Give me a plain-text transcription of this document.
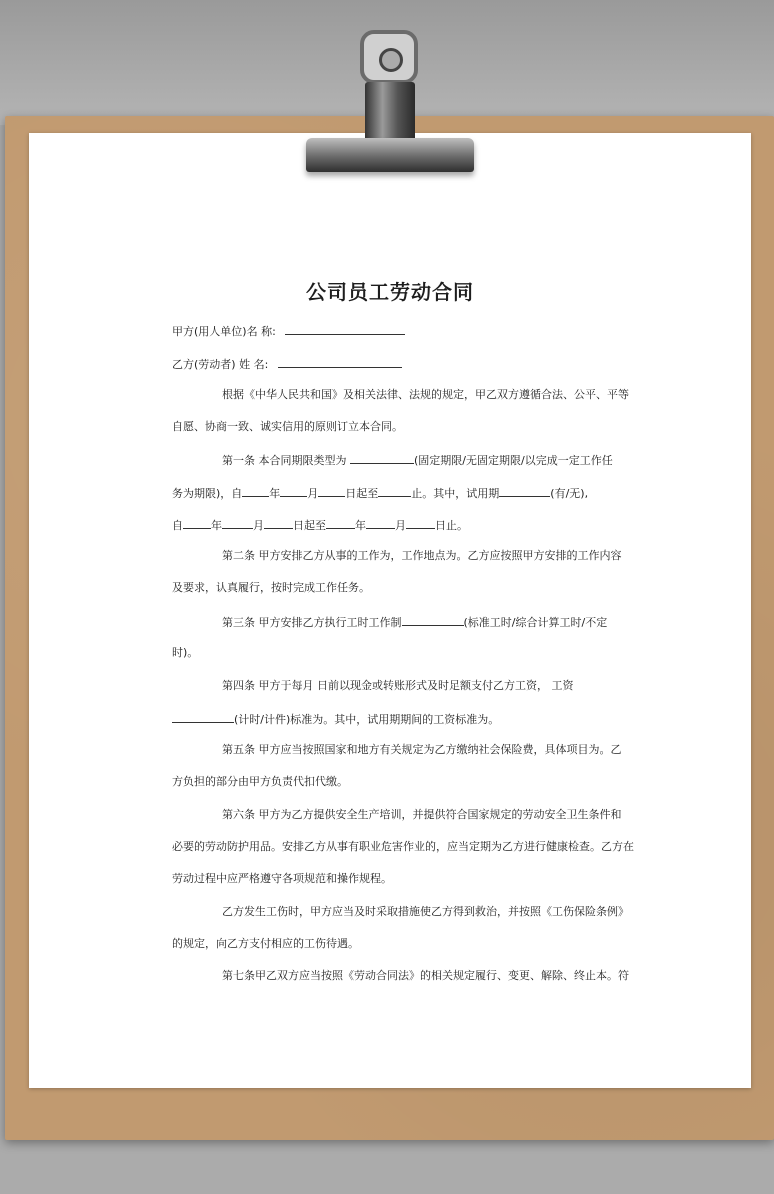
公司员工劳动合同
甲方(用人单位)名 称:
乙方(劳动者) 姓 名:
根据《中华人民共和国》及相关法律、法规的规定，甲乙双方遵循合法、公平、平等
自愿、协商一致、诚实信用的原则订立本合同。
第一条 本合同期限类型为	(固定期限/无固定期限/以完成一定工作任
务为期限)，自 年 月 日起至	止。其中，试用期	(有/无),
自	年	月	日起至	年	月	日止。
第二条 甲方安排乙方从事的工作为，工作地点为。乙方应按照甲方安排的工作内容
及要求，认真履行，按时完成工作任务。
第三条 甲方安排乙方执行工时工作制	(标准工时/综合计算工时/不定
时)。
第四条 甲方于每月 日前以现金或转账形式及时足额支付乙方工资， 工资
(计时/计件)标准为。其中，试用期期间的工资标准为。
第五条 甲方应当按照国家和地方有关规定为乙方缴纳社会保险费，具体项目为。乙
方负担的部分由甲方负责代扣代缴。
第六条 甲方为乙方提供安全生产培训，并提供符合国家规定的劳动安全卫生条件和
必要的劳动防护用品。安排乙方从事有职业危害作业的，应当定期为乙方进行健康检查。乙方在
劳动过程中应严格遵守各项规范和操作规程。
乙方发生工伤时，甲方应当及时采取措施使乙方得到救治，并按照《工伤保险条例》
的规定，向乙方支付相应的工伤待遇。
第七条甲乙双方应当按照《劳动合同法》的相关规定履行、变更、解除、终止本。符
